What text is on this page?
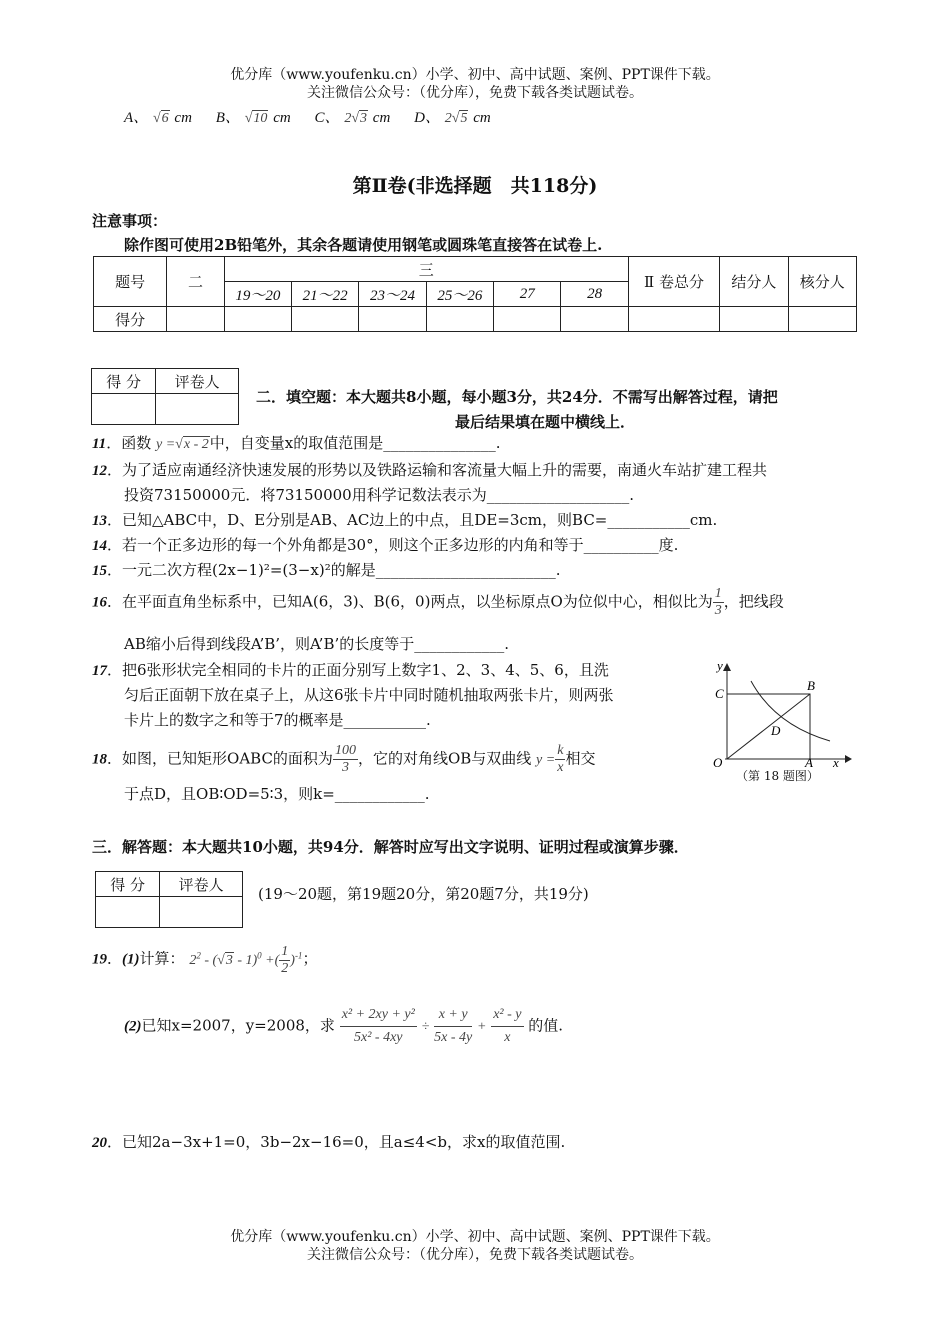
优分库（www.youfenku.cn）小学、初中、高中试题、案例、PPT课件下载。
关注微信公众号：（优分库），免费下载各类试题试卷。
A、 √6 cm B、 √10 cm C、 2√3 cm D、 2√5 cm
第Ⅱ卷(非选择题　共118分)
注意事项：
除作图可使用2B铅笔外，其余各题请使用钢笔或圆珠笔直接答在试卷上.
题号	二	三						Ⅱ 卷总分	结分人	核分人
		19～20	21～22	23～24	25～26	27	28			
得分										
得 分	评卷人

二．填空题：本大题共8小题，每小题3分，共24分．不需写出解答过程，请把
最后结果填在题中横线上．
11．函数 y =√x - 2中，自变量x的取值范围是_______________.
12．为了适应南通经济快速发展的形势以及铁路运输和客流量大幅上升的需要，南通火车站扩建工程共
投资73150000元．将73150000用科学记数法表示为___________________.
13．已知△ABC中，D、E分别是AB、AC边上的中点，且DE=3cm，则BC=___________cm.
14．若一个正多边形的每一个外角都是30°，则这个正多边形的内角和等于__________度.
15．一元二次方程(2x−1)²=(3−x)²的解是________________________.
16．在平面直角坐标系中，已知A(6，3)、B(6，0)两点，以坐标原点O为位似中心，相似比为 $\frac{1}{3}$ ，把线段
AB缩小后得到线段A’B’，则A’B’的长度等于____________.
17．把6张形状完全相同的卡片的正面分别写上数字1、2、3、4、5、6，且洗
匀后正面朝下放在桌子上，从这6张卡片中同时随机抽取两张卡片，则两张
卡片上的数字之和等于7的概率是___________.
18．如图，已知矩形OABC的面积为 $\frac{100}{3}$ ，它的对角线OB与双曲线 $y = \frac{k}{x}$ 相交
于点D，且OB∶OD=5∶3，则k=____________.
y
C
B
D
O	A x
（第 18 题图）
三．解答题：本大题共10小题，共94分．解答时应写出文字说明、证明过程或演算步骤．
得 分	评卷人

(19～20题，第19题20分，第20题7分，共19分)
19．(1)计算： $2^2 - (√3 - 1)^0$ +( $\frac{1}{2} )^{-1}$；
(2)已知x=2007，y=2008，求 $\frac{\text{x² + 2xy + y²}}{\text{5x² - 4xy}} \div \frac{x + y}{5x - 4y} + \frac{\text{x² - y}}{x}$ 的值.
20．已知2a−3x+1=0，3b−2x−16=0，且a≤4<b，求x的取值范围.
优分库（www.youfenku.cn）小学、初中、高中试题、案例、PPT课件下载。
关注微信公众号：（优分库），免费下载各类试题试卷。
